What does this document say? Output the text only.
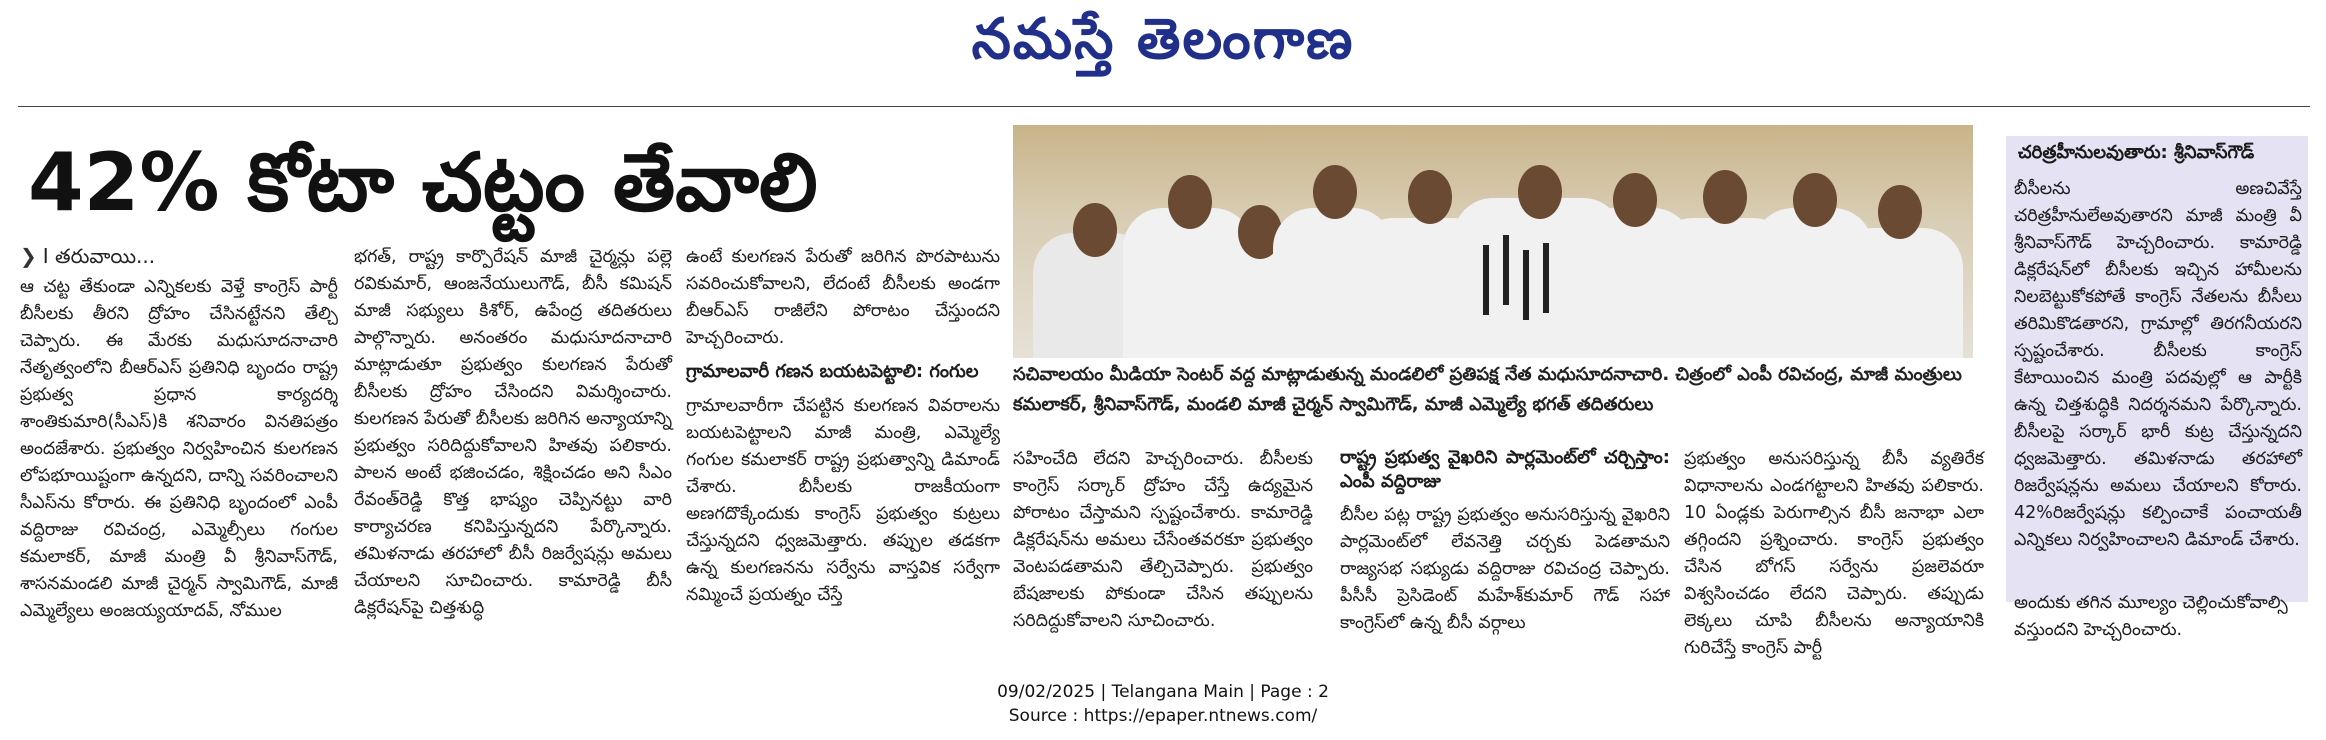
నమస్తే తెలంగాణ
42% కోటా చట్టం తేవాలి
❯ I తరువాయి...
ఆ చట్ట తేకుండా ఎన్నికలకు వెళ్తే కాంగ్రెస్ పార్టీ బీసీలకు తీరని ద్రోహం చేసినట్టేనని తేల్చి చెప్పారు. ఈ మేరకు మధుసూదనాచారి నేతృత్వంలోని బీఆర్ఎస్ ప్రతినిధి బృందం రాష్ట్ర ప్రభుత్వ ప్రధాన కార్యదర్శి శాంతికుమారి(సీఎస్)కి శనివారం వినతిపత్రం అందజేశారు. ప్రభుత్వం నిర్వహించిన కులగణన లోపభూయిష్టంగా ఉన్నదని, దాన్ని సవరించాలని సీఎస్‌ను కోరారు. ఈ ప్రతినిధి బృందంలో ఎంపీ వద్దిరాజు రవిచంద్ర, ఎమ్మెల్సీలు గంగుల కమలాకర్, మాజీ మంత్రి వీ శ్రీనివాస్‌గౌడ్, శాసనమండలి మాజీ చైర్మన్ స్వామిగౌడ్, మాజీ ఎమ్మెల్యేలు అంజయ్యయాదవ్, నోముల
భగత్, రాష్ట్ర కార్పొరేషన్ మాజీ చైర్మన్లు పల్లె రవికుమార్, ఆంజనేయులుగౌడ్, బీసీ కమిషన్ మాజీ సభ్యులు కిశోర్, ఉపేంద్ర తదితరులు పాల్గొన్నారు. అనంతరం మధుసూదనాచారి మాట్లాడుతూ ప్రభుత్వం కులగణన పేరుతో బీసీలకు ద్రోహం చేసిందని విమర్శించారు. కులగణన పేరుతో బీసీలకు జరిగిన అన్యాయాన్ని ప్రభుత్వం సరిదిద్దుకోవాలని హితవు పలికారు. పాలన అంటే భజించడం, శిక్షించడం అని సీఎం రేవంత్‌రెడ్డి కొత్త భాష్యం చెప్పినట్టు వారి కార్యాచరణ కనిపిస్తున్నదని పేర్కొన్నారు. తమిళనాడు తరహాలో బీసీ రిజర్వేషన్లు అమలు చేయాలని సూచించారు. కామారెడ్డి బీసీ డిక్లరేషన్‌పై చిత్తశుద్ధి
ఉంటే కులగణన పేరుతో జరిగిన పొరపాటును సవరించుకోవాలని, లేదంటే బీసీలకు అండగా బీఆర్ఎస్ రాజీలేని పోరాటం చేస్తుందని హెచ్చరించారు.
గ్రామాలవారీ గణన బయటపెట్టాలి: గంగుల
గ్రామాలవారీగా చేపట్టిన కులగణన వివరాలను బయటపెట్టాలని మాజీ మంత్రి, ఎమ్మెల్యే గంగుల కమలాకర్ రాష్ట్ర ప్రభుత్వాన్ని డిమాండ్ చేశారు. బీసీలకు రాజకీయంగా అణగదొక్కేందుకు కాంగ్రెస్ ప్రభుత్వం కుట్రలు చేస్తున్నదని ధ్వజమెత్తారు. తప్పుల తడకగా ఉన్న కులగణనను సర్వేను వాస్తవిక సర్వేగా నమ్మించే ప్రయత్నం చేస్తే
సచివాలయం మీడియా సెంటర్ వద్ద మాట్లాడుతున్న మండలిలో ప్రతిపక్ష నేత మధుసూదనాచారి. చిత్రంలో ఎంపీ రవిచంద్ర, మాజీ మంత్రులు కమలాకర్, శ్రీనివాస్‌గౌడ్, మండలి మాజీ చైర్మన్ స్వామిగౌడ్, మాజీ ఎమ్మెల్యే భగత్ తదితరులు
సహించేది లేదని హెచ్చరించారు. బీసీలకు కాంగ్రెస్ సర్కార్ ద్రోహం చేస్తే ఉద్యమైన పోరాటం చేస్తామని స్పష్టంచేశారు. కామారెడ్డి డిక్లరేషన్‌ను అమలు చేసేంతవరకూ ప్రభుత్వం వెంటపడతామని తేల్చిచెప్పారు. ప్రభుత్వం బేషజాలకు పోకుండా చేసిన తప్పులను సరిదిద్దుకోవాలని సూచించారు.
రాష్ట్ర ప్రభుత్వ వైఖరిని పార్లమెంట్‌లో చర్చిస్తాం: ఎంపీ వద్దిరాజు
బీసీల పట్ల రాష్ట్ర ప్రభుత్వం అనుసరిస్తున్న వైఖరిని పార్లమెంట్‌లో లేవనెత్తి చర్చకు పెడతామని రాజ్యసభ సభ్యుడు వద్దిరాజు రవిచంద్ర చెప్పారు. పీసీసీ ప్రెసిడెంట్ మహేశ్‌కుమార్ గౌడ్ సహా కాంగ్రెస్‌లో ఉన్న బీసీ వర్గాలు
ప్రభుత్వం అనుసరిస్తున్న బీసీ వ్యతిరేక విధానాలను ఎండగట్టాలని హితవు పలికారు. 10 ఏండ్లకు పెరుగాల్సిన బీసీ జనాభా ఎలా తగ్గిందని ప్రశ్నించారు. కాంగ్రెస్ ప్రభుత్వం చేసిన బోగస్ సర్వేను ప్రజలెవరూ విశ్వసించడం లేదని చెప్పారు. తప్పుడు లెక్కలు చూపి బీసీలను అన్యాయానికి గురిచేస్తే కాంగ్రెస్ పార్టీ
చరిత్రహీనులవుతారు: శ్రీనివాస్‌గౌడ్
బీసీలను అణచివేస్తే చరిత్రహీనులేఅవుతారని మాజీ మంత్రి వీ శ్రీనివాస్‌గౌడ్ హెచ్చరించారు. కామారెడ్డి డిక్లరేషన్‌లో బీసీలకు ఇచ్చిన హామీలను నిలబెట్టుకోకపోతే కాంగ్రెస్ నేతలను బీసీలు తరిమికొడతారని, గ్రామాల్లో తిరగనీయరని స్పష్టంచేశారు. బీసీలకు కాంగ్రెస్ కేటాయించిన మంత్రి పదవుల్లో ఆ పార్టీకి ఉన్న చిత్తశుద్ధికి నిదర్శనమని పేర్కొన్నారు. బీసీలపై సర్కార్ భారీ కుట్ర చేస్తున్నదని ధ్వజమెత్తారు. తమిళనాడు తరహాలో రిజర్వేషన్లను అమలు చేయాలని కోరారు. 42%రిజర్వేషన్లు కల్పించాకే పంచాయతీ ఎన్నికలు నిర్వహించాలని డిమాండ్ చేశారు.
అందుకు తగిన మూల్యం చెల్లించుకోవాల్సి వస్తుందని హెచ్చరించారు.
09/02/2025 | Telangana Main | Page : 2
Source : https://epaper.ntnews.com/
